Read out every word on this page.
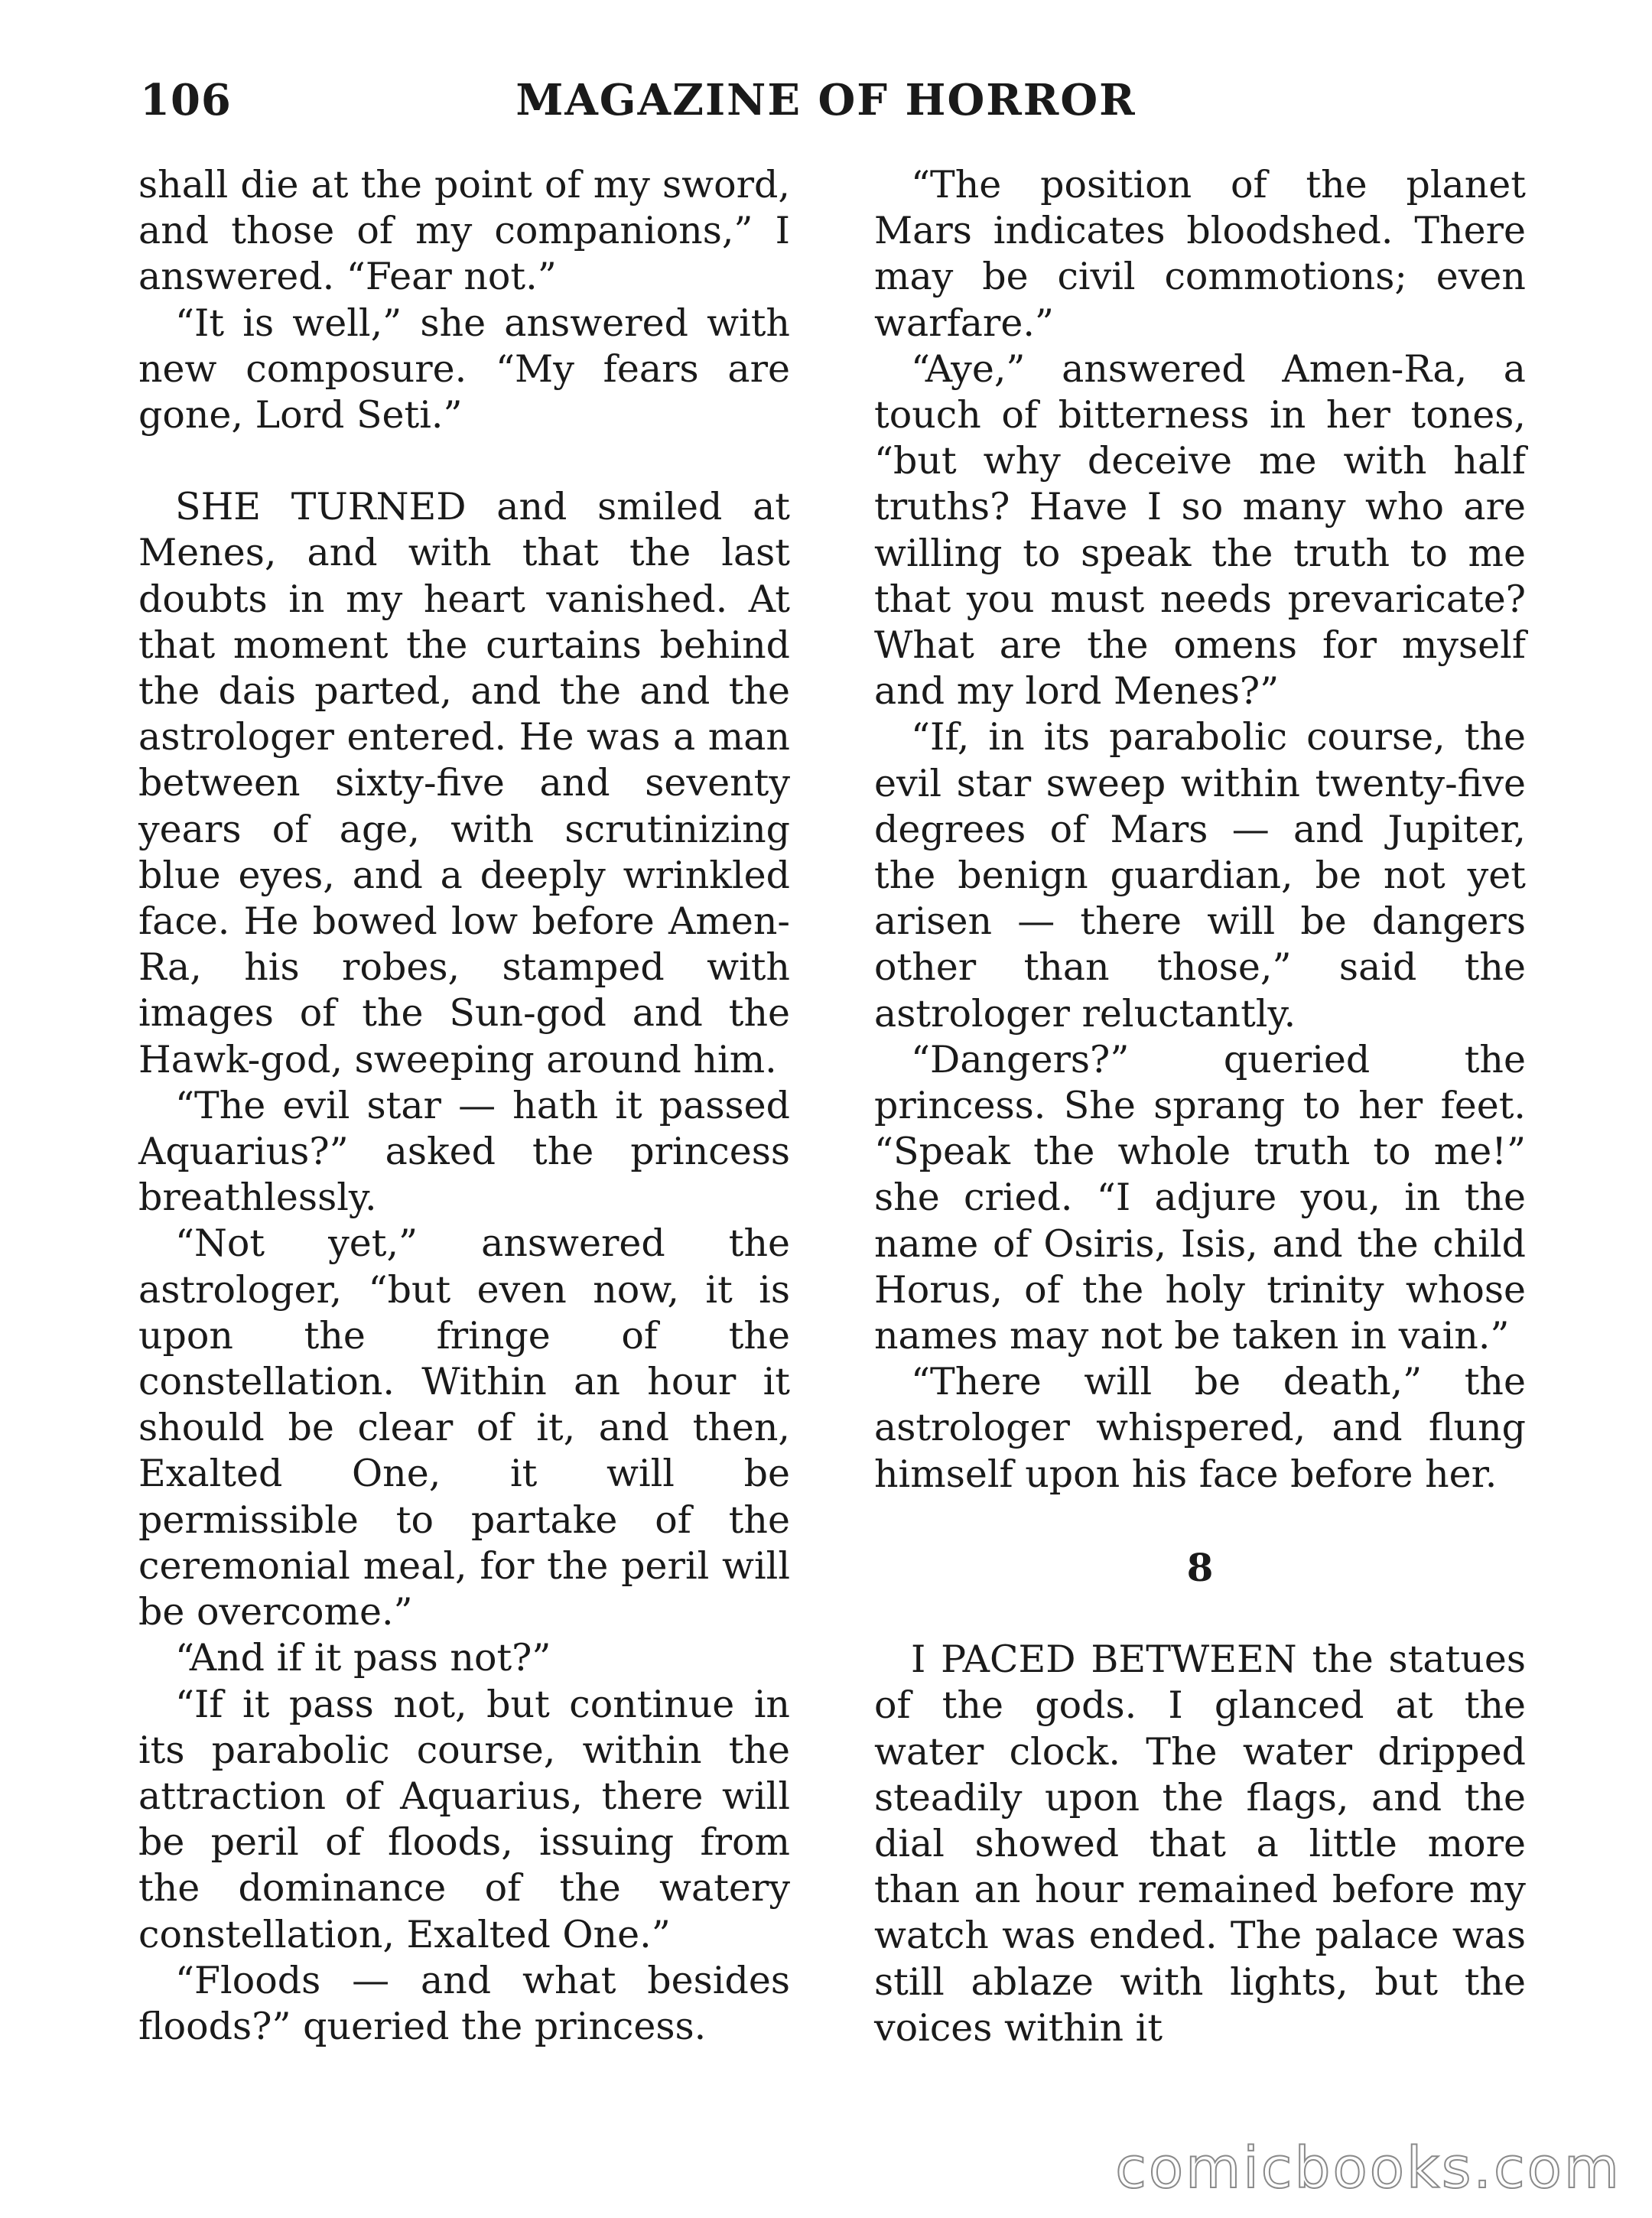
106	MAGAZINE OF HORROR

shall die at the point of my sword, and those of my companions,” I answered. “Fear not.”

“It is well,” she answered with new composure. “My fears are gone, Lord Seti.”

SHE TURNED and smiled at Menes, and with that the last doubts in my heart vanished. At that moment the curtains behind the dais parted, and the and the astrologer entered. He was a man between sixty-five and seventy years of age, with scrutinizing blue eyes, and a deeply wrinkled face. He bowed low before Amen-Ra, his robes, stamped with images of the Sun-god and the Hawk-god, sweeping around him.

“The evil star — hath it passed Aquarius?” asked the princess breathlessly.

“Not yet,” answered the astrologer, “but even now, it is upon the fringe of the constellation. Within an hour it should be clear of it, and then, Exalted One, it will be permissible to partake of the ceremonial meal, for the peril will be overcome.”

“And if it pass not?”

“If it pass not, but continue in its parabolic course, within the attraction of Aquarius, there will be peril of floods, issuing from the dominance of the watery constellation, Exalted One.”

“Floods — and what besides floods?” queried the princess.

“The position of the planet Mars indicates bloodshed. There may be civil commotions; even warfare.”

“Aye,” answered Amen-Ra, a touch of bitterness in her tones, “but why deceive me with half truths? Have I so many who are willing to speak the truth to me that you must needs prevaricate? What are the omens for myself and my lord Menes?”

“If, in its parabolic course, the evil star sweep within twenty-five degrees of Mars — and Jupiter, the benign guardian, be not yet arisen — there will be dangers other than those,” said the astrologer reluctantly.

“Dangers?” queried the princess. She sprang to her feet. “Speak the whole truth to me!” she cried. “I adjure you, in the name of Osiris, Isis, and the child Horus, of the holy trinity whose names may not be taken in vain.”

“There will be death,” the astrologer whispered, and flung himself upon his face before her.

8

I PACED BETWEEN the statues of the gods. I glanced at the water clock. The water dripped steadily upon the flags, and the dial showed that a little more than an hour remained before my watch was ended. The palace was still ablaze with lights, but the voices within it

comicbooks.com
